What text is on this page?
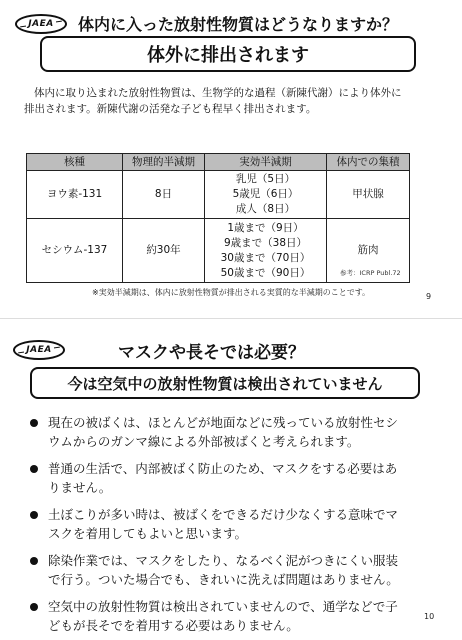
JAEA 体内に入った放射性物質はどうなりますか？
体外に排出されます
体内に取り込まれた放射性物質は、生物学的な過程（新陳代謝）により体外に
排出されます。新陳代謝の活発な子ども程早く排出されます。
核種	物理的半減期	実効半減期	体内での集積
ヨウ素-131	8日	乳児（5日）
5歳児（6日）
成人（8日）	甲状腺
セシウム-137	約30年	1歳まで（9日）
9歳まで（38日）
30歳まで（70日）
50歳まで（90日）	筋肉
参考：ICRP Publ.72
※実効半減期は、体内に放射性物質が排出される実質的な半減期のことです。	9
JAEA	マスクや長そでは必要？
今は空気中の放射性物質は検出されていません
現在の被ばくは、ほとんどが地面などに残っている放射性セシ
ウムからのガンマ線による外部被ばくと考えられます。
普通の生活で、内部被ばく防止のため、マスクをする必要はあ
りません。
土ぼこりが多い時は、被ばくをできるだけ少なくする意味でマ
スクを着用してもよいと思います。
除染作業では、マスクをしたり、なるべく泥がつきにくい服装
で行う。ついた場合でも、きれいに洗えば問題はありません。
空気中の放射性物質は検出されていませんので、通学などで子
どもが長そでを着用する必要はありません。
10
